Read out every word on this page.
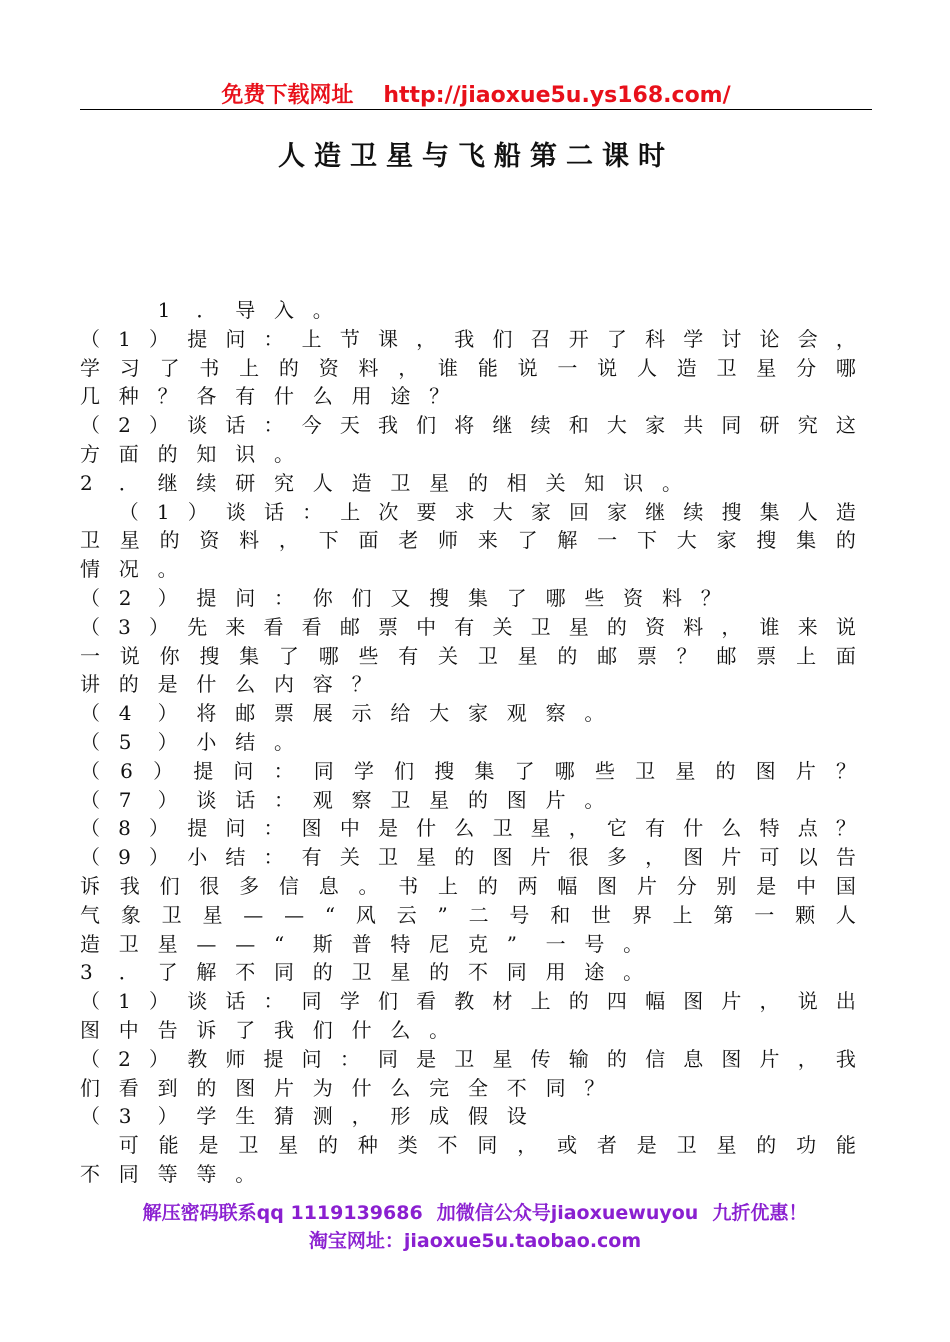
免费下载网址 http://jiaoxue5u.ys168.com/
人造卫星与飞船第二课时
1	． 导 入 。
（ 1 ） 提 问 ： 上 节 课 ， 我 们 召 开 了 科 学 讨 论 会 ，
学 习 了 书 上 的 资 料 ， 谁 能 说 一 说 人 造 卫 星 分 哪
几 种 ？ 各 有 什 么 用 途 ？
（ 2 ） 谈 话 ： 今 天 我 们 将 继 续 和 大 家 共 同 研 究 这
方 面 的 知 识 。
2	． 继 续 研 究 人 造 卫 星 的 相 关 知 识 。
（ 1 ） 谈 话 ： 上 次 要 求 大 家 回 家 继 续 搜 集 人 造
卫 星 的 资 料 ， 下 面 老 师 来 了 解 一 下 大 家 搜 集 的
情 况 。
（ 2	） 提 问 ： 你 们 又 搜 集 了 哪 些 资 料 ？
（ 3 ） 先 来 看 看 邮 票 中 有 关 卫 星 的 资 料 ， 谁 来 说
一 说 你 搜 集 了 哪 些 有 关 卫 星 的 邮 票 ？ 邮 票 上 面
讲 的 是 什 么 内 容 ？
（ 4	） 将 邮 票 展 示 给 大 家 观 察 。
（ 5	） 小 结 。
（ 6 ） 提 问 ： 同 学 们 搜 集 了 哪 些 卫 星 的 图 片 ？
（ 7	） 谈 话 ： 观 察 卫 星 的 图 片 。
（ 8 ） 提 问 ： 图 中 是 什 么 卫 星 ， 它 有 什 么 特 点 ？
（ 9 ） 小 结 ： 有 关 卫 星 的 图 片 很 多 ， 图 片 可 以 告
诉 我 们 很 多 信 息 。 书 上 的 两 幅 图 片 分 别 是 中 国
气 象 卫 星 — — “ 风 云 ” 二 号 和 世 界 上 第 一 颗 人
造 卫 星 — — “	斯 普 特 尼 克 ”	一 号 。
3	． 了 解 不 同 的 卫 星 的 不 同 用 途 。
（ 1 ） 谈 话 ： 同 学 们 看 教 材 上 的 四 幅 图 片 ， 说 出
图 中 告 诉 了 我 们 什 么 。
（ 2 ） 教 师 提 问 ： 同 是 卫 星 传 输 的 信 息 图 片 ， 我
们 看 到 的 图 片 为 什 么 完 全 不 同 ？
（ 3	） 学 生 猜 测 ， 形 成 假 设
可 能 是 卫 星 的 种 类 不 同 ， 或 者 是 卫 星 的 功 能
不 同 等 等 。
解压密码联系qq 1119139686 加微信公众号jiaoxuewuyou 九折优惠！
淘宝网址：jiaoxue5u.taobao.com
